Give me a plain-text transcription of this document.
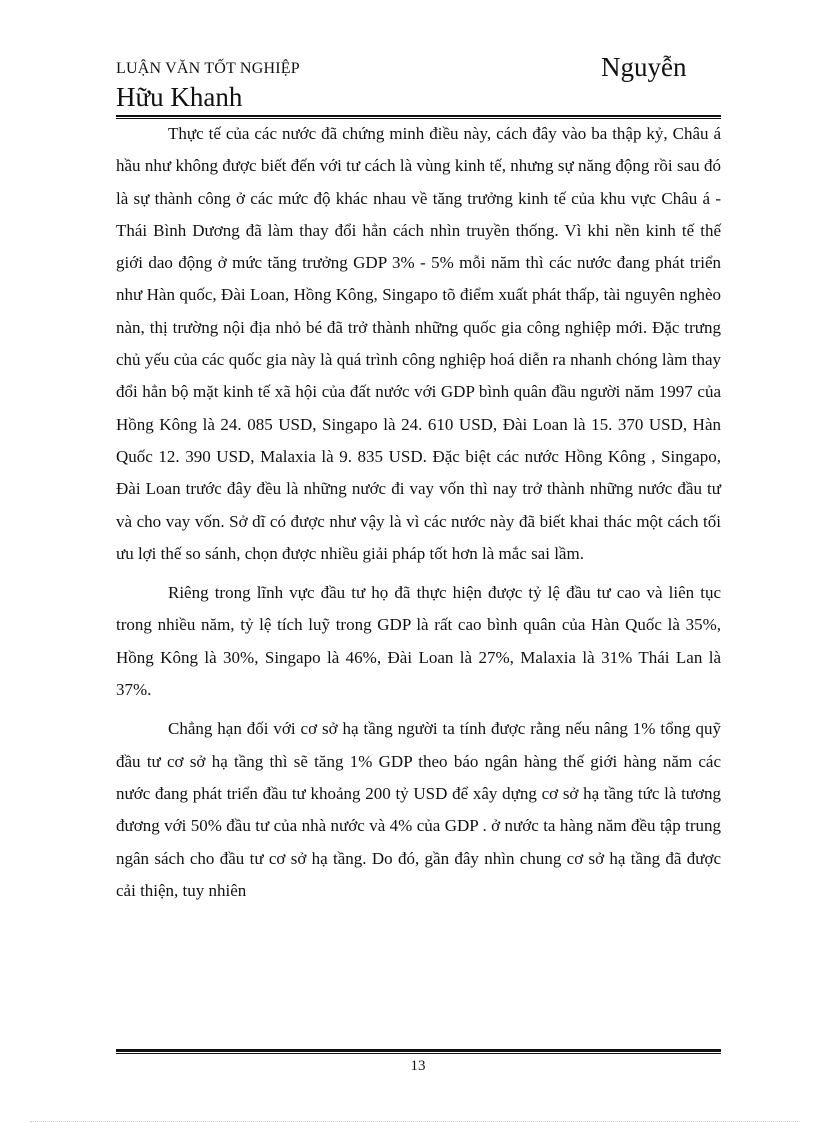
LUẬN VĂN TỐT NGHIỆP	Nguyễn
Hữu Khanh

Thực tế của các nước đã chứng minh điều này, cách đây vào ba thập kỷ, Châu á hầu như không được biết đến với tư cách là vùng kinh tế, nhưng sự năng động rồi sau đó là sự thành công ở các mức độ khác nhau về tăng trưởng kinh tế của khu vực Châu á - Thái Bình Dương đã làm thay đổi hẳn cách nhìn truyền thống. Vì khi nền kinh tế thế giới dao động ở mức tăng trưởng GDP 3% - 5% mỗi năm thì các nước đang phát triển như Hàn quốc, Đài Loan, Hồng Kông, Singapo tõ điểm xuất phát thấp, tài nguyên nghèo nàn, thị trường nội địa nhỏ bé đã trở thành những quốc gia công nghiệp mới. Đặc trưng chủ yếu của các quốc gia này là quá trình công nghiệp hoá diễn ra nhanh chóng làm thay đổi hẳn bộ mặt kinh tế xã hội của đất nước với GDP bình quân đầu người năm 1997 của Hồng Kông là 24. 085 USD, Singapo là 24. 610 USD, Đài Loan là 15. 370 USD, Hàn Quốc 12. 390 USD, Malaxia là 9. 835 USD. Đặc biệt các nước Hồng Kông , Singapo, Đài Loan trước đây đều là những nước đi vay vốn thì nay trở thành những nước đầu tư và cho vay vốn. Sở dĩ có được như vậy là vì các nước này đã biết khai thác một cách tối ưu lợi thế so sánh, chọn được nhiều giải pháp tốt hơn là mắc sai lầm.

Riêng trong lĩnh vực đầu tư họ đã thực hiện được tỷ lệ đầu tư cao và liên tục trong nhiều năm, tỷ lệ tích luỹ trong GDP là rất cao bình quân của Hàn Quốc là 35%, Hồng Kông là 30%, Singapo là 46%, Đài Loan là 27%, Malaxia là 31% Thái Lan là 37%.

Chẳng hạn đối với cơ sở hạ tầng người ta tính được rằng nếu nâng 1% tổng quỹ đầu tư cơ sở hạ tầng thì sẽ tăng 1% GDP theo báo ngân hàng thế giới hàng năm các nước đang phát triển đầu tư khoảng 200 tỷ USD để xây dựng cơ sở hạ tầng tức là tương đương với 50% đầu tư của nhà nước và 4% của GDP . ở nước ta hàng năm đều tập trung ngân sách cho đầu tư cơ sở hạ tầng. Do đó, gần đây nhìn chung cơ sở hạ tầng đã được cải thiện, tuy nhiên

13
